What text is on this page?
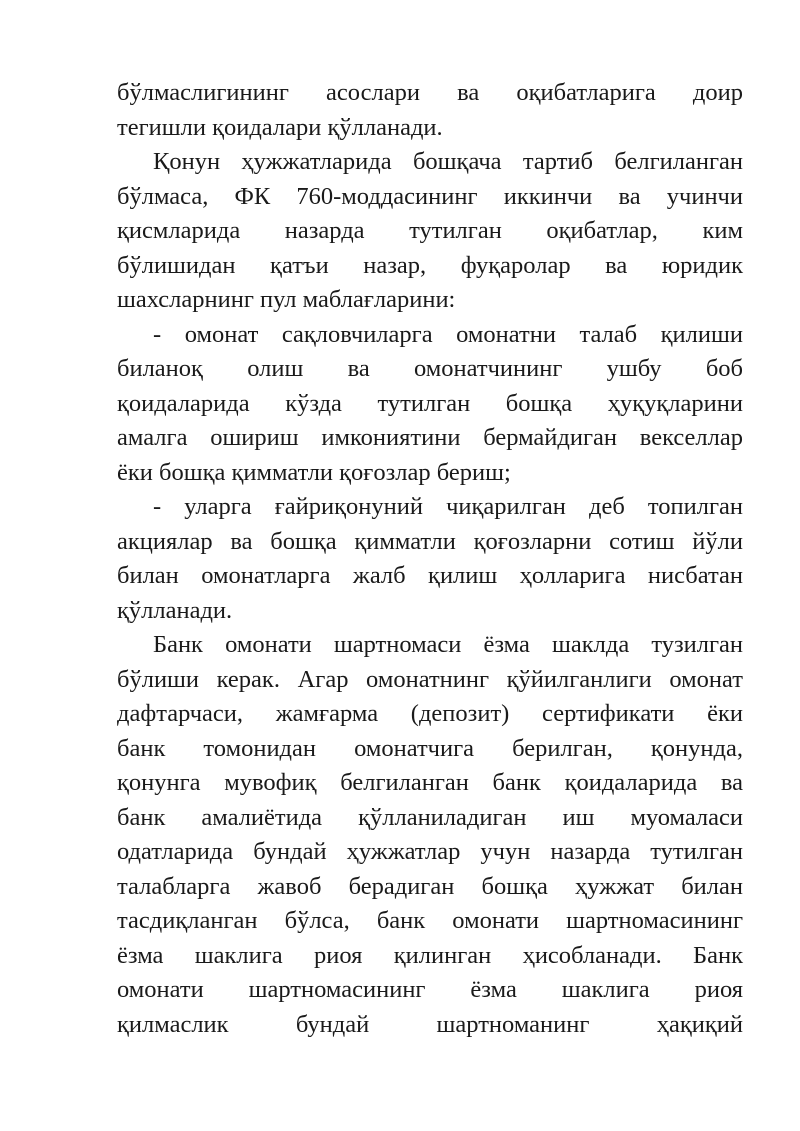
бўлмаслигининг асослари ва оқибатларига доир
тегишли қоидалари қўлланади.
Қонун ҳужжатларида бошқача тартиб белгиланган
бўлмаса, ФК 760-моддасининг иккинчи ва учинчи
қисмларида назарда тутилган оқибатлар, ким
бўлишидан қатъи назар, фуқаролар ва юридик
шахсларнинг пул маблағларини:
- омонат сақловчиларга омонатни талаб қилиши
биланоқ олиш ва омонатчининг ушбу боб
қоидаларида кўзда тутилган бошқа ҳуқуқларини
амалга ошириш имкониятини бермайдиган векселлар
ёки бошқа қимматли қоғозлар бериш;
- уларга ғайриқонуний чиқарилган деб топилган
акциялар ва бошқа қимматли қоғозларни сотиш йўли
билан омонатларга жалб қилиш ҳолларига нисбатан
қўлланади.
Банк омонати шартномаси ёзма шаклда тузилган
бўлиши керак. Агар омонатнинг қўйилганлиги омонат
дафтарчаси, жамғарма (депозит) сертификати ёки
банк томонидан омонатчига берилган, қонунда,
қонунга мувофиқ белгиланган банк қоидаларида ва
банк амалиётида қўлланиладиган иш муомаласи
одатларида бундай ҳужжатлар учун назарда тутилган
талабларга жавоб берадиган бошқа ҳужжат билан
тасдиқланган бўлса, банк омонати шартномасининг
ёзма шаклига риоя қилинган ҳисобланади. Банк
омонати шартномасининг ёзма шаклига риоя
қилмаслик бундай шартноманинг ҳақиқий
